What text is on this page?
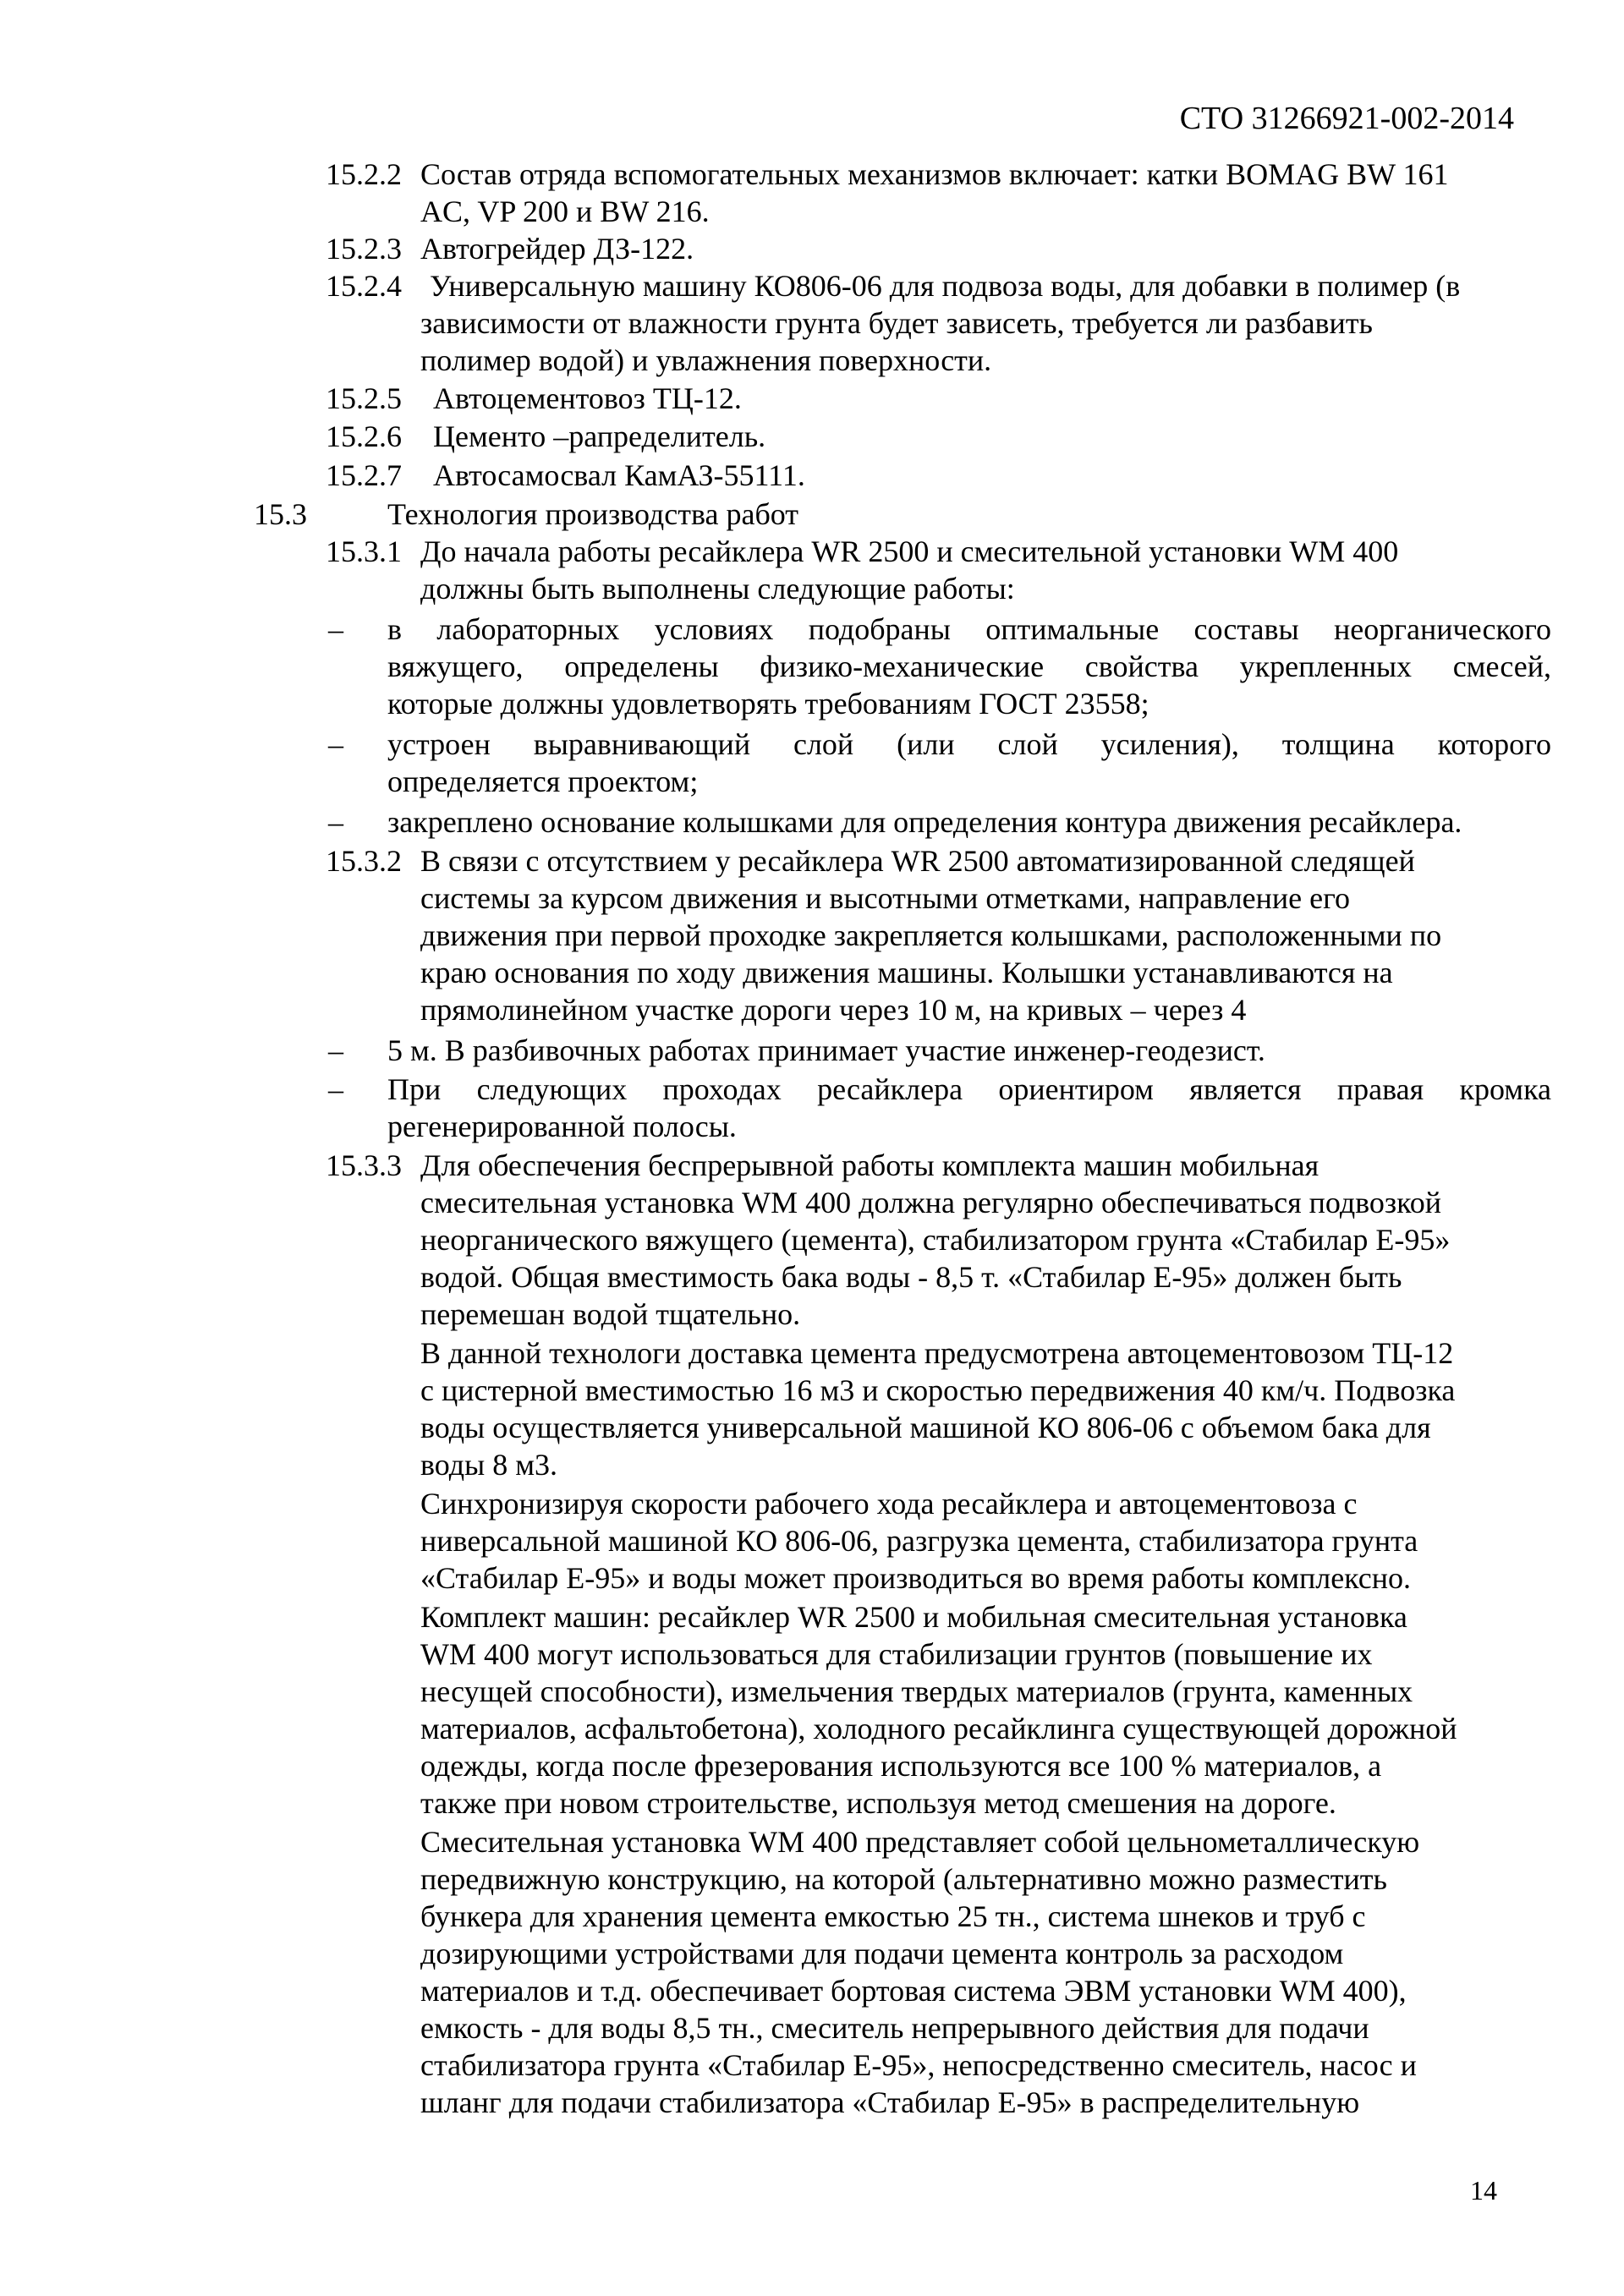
СТО 31266921-002-2014
15.2.2 Состав отряда вспомогательных механизмов включает: катки BOMAG BW 161
AC, VP 200 и BW 216.
15.2.3 Автогрейдер ДЗ-122.
15.2.4 Универсальную машину КО806-06 для подвоза воды, для добавки в полимер (в
зависимости от влажности грунта будет зависеть, требуется ли разбавить
полимер водой) и увлажнения поверхности.
15.2.5 Автоцементовоз ТЦ-12.
15.2.6 Цементо –рапределитель.
15.2.7 Автосамосвал КамАЗ-55111.
15.3	Технология производства работ
15.3.1 До начала работы ресайклера WR 2500 и смесительной установки WM 400
должны быть выполнены следующие работы:
– в лабораторных условиях подобраны оптимальные составы неорганического
вяжущего, определены физико-механические свойства укрепленных смесей,
которые должны удовлетворять требованиям ГОСТ 23558;
– устроен выравнивающий слой (или слой усиления), толщина которого
определяется проектом;
– закреплено основание колышками для определения контура движения ресайклера.
15.3.2 В связи с отсутствием у ресайклера WR 2500 автоматизированной следящей
системы за курсом движения и высотными отметками, направление его
движения при первой проходке закрепляется колышками, расположенными по
краю основания по ходу движения машины. Колышки устанавливаются на
прямолинейном участке дороги через 10 м, на кривых – через 4
– 5 м. В разбивочных работах принимает участие инженер-геодезист.
– При следующих проходах ресайклера ориентиром является правая кромка
регенерированной полосы.
15.3.3 Для обеспечения беспрерывной работы комплекта машин мобильная
смесительная установка WM 400 должна регулярно обеспечиваться подвозкой
неорганического вяжущего (цемента), стабилизатором грунта «Стабилар Е-95»
водой. Общая вместимость бака воды - 8,5 т. «Стабилар Е-95» должен быть
перемешан водой тщательно.
В данной технологи доставка цемента предусмотрена автоцементовозом ТЦ-12
с цистерной вместимостью 16 м3 и скоростью передвижения 40 км/ч. Подвозка
воды осуществляется универсальной машиной КО 806-06 с объемом бака для
воды 8 м3.
Синхронизируя скорости рабочего хода ресайклера и автоцементовоза с
ниверсальной машиной КО 806-06, разгрузка цемента, стабилизатора грунта
«Стабилар Е-95» и воды может производиться во время работы комплексно.
Комплект машин: ресайклер WR 2500 и мобильная смесительная установка
WM 400 могут использоваться для стабилизации грунтов (повышение их
несущей способности), измельчения твердых материалов (грунта, каменных
материалов, асфальтобетона), холодного ресайклинга существующей дорожной
одежды, когда после фрезерования используются все 100 % материалов, а
также при новом строительстве, используя метод смешения на дороге.
Смесительная установка WM 400 представляет собой цельнометаллическую
передвижную конструкцию, на которой (альтернативно можно разместить
бункера для хранения цемента емкостью 25 тн., система шнеков и труб с
дозирующими устройствами для подачи цемента контроль за расходом
материалов и т.д. обеспечивает бортовая система ЭВМ установки WM 400),
емкость - для воды 8,5 тн., смеситель непрерывного действия для подачи
стабилизатора грунта «Стабилар Е-95», непосредственно смеситель, насос и
шланг для подачи стабилизатора «Стабилар Е-95» в распределительную
14
